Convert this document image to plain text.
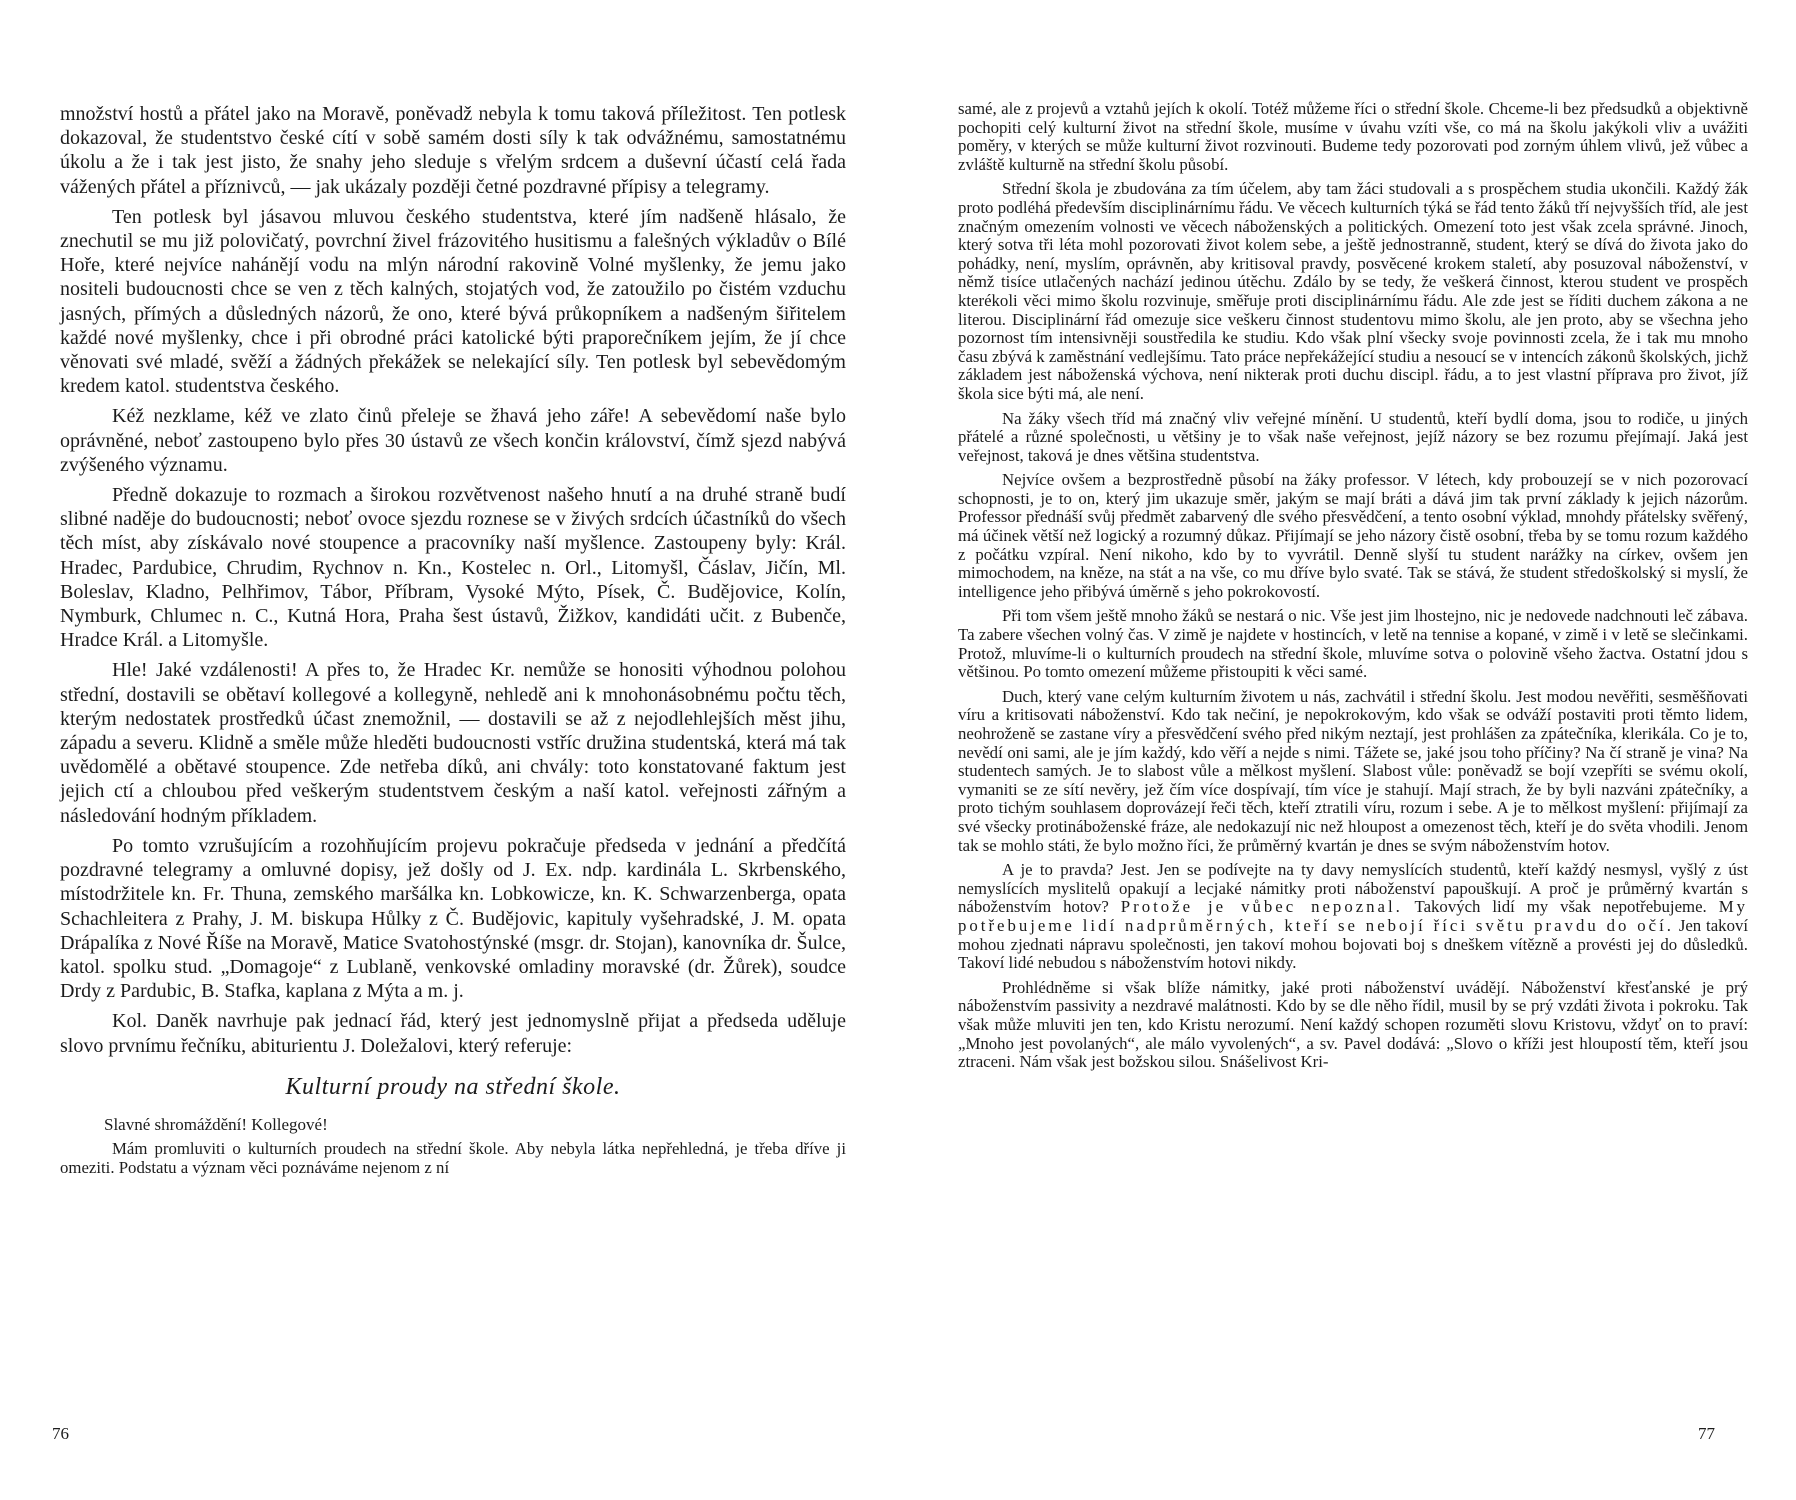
množství hostů a přátel jako na Moravě, poněvadž nebyla k tomu taková příležitost. Ten potlesk dokazoval, že studentstvo české cítí v sobě samém dosti síly k tak odvážnému, samostatnému úkolu a že i tak jest jisto, že snahy jeho sleduje s vřelým srdcem a duševní účastí celá řada vážených přátel a příznivců, — jak ukázaly později četné pozdravné přípisy a telegramy.

Ten potlesk byl jásavou mluvou českého studentstva, které jím nadšeně hlásalo, že znechutil se mu již polovičatý, povrchní živel frázovitého husitismu a falešných výkladův o Bílé Hoře, které nejvíce nahánějí vodu na mlýn národní rakovině Volné myšlenky, že jemu jako nositeli budoucnosti chce se ven z těch kalných, stojatých vod, že zatoužilo po čistém vzduchu jasných, přímých a důsledných názorů, že ono, které bývá průkopníkem a nadšeným šiřitelem každé nové myšlenky, chce i při obrodné práci katolické býti praporečníkem jejím, že jí chce věnovati své mladé, svěží a žádných překážek se nelekající síly. Ten potlesk byl sebevědomým kredem katol. studentstva českého.

Kéž nezklame, kéž ve zlato činů přeleje se žhavá jeho záře! A sebevědomí naše bylo oprávněné, neboť zastoupeno bylo přes 30 ústavů ze všech končin království, čímž sjezd nabývá zvýšeného významu.

Předně dokazuje to rozmach a širokou rozvětvenost našeho hnutí a na druhé straně budí slibné naděje do budoucnosti; neboť ovoce sjezdu roznese se v živých srdcích účastníků do všech těch míst, aby získávalo nové stoupence a pracovníky naší myšlence. Zastoupeny byly: Král. Hradec, Pardubice, Chrudim, Rychnov n. Kn., Kostelec n. Orl., Litomyšl, Čáslav, Jičín, Ml. Boleslav, Kladno, Pelhřimov, Tábor, Příbram, Vysoké Mýto, Písek, Č. Budějovice, Kolín, Nymburk, Chlumec n. C., Kutná Hora, Praha šest ústavů, Žižkov, kandidáti učit. z Bubenče, Hradce Král. a Litomyšle.

Hle! Jaké vzdálenosti! A přes to, že Hradec Kr. nemůže se honositi výhodnou polohou střední, dostavili se obětaví kollegové a kollegyně, nehledě ani k mnohonásobnému počtu těch, kterým nedostatek prostředků účast znemožnil, — dostavili se až z nejodlehlejších měst jihu, západu a severu. Klidně a směle může hleděti budoucnosti vstříc družina studentská, která má tak uvědomělé a obětavé stoupence. Zde netřeba díků, ani chvály: toto konstatované faktum jest jejich ctí a chloubou před veškerým studentstvem českým a naší katol. veřejnosti zářným a následování hodným příkladem.

Po tomto vzrušujícím a rozohňujícím projevu pokračuje předseda v jednání a předčítá pozdravné telegramy a omluvné dopisy, jež došly od J. Ex. ndp. kardinála L. Skrbenského, místodržitele kn. Fr. Thuna, zemského maršálka kn. Lobkowicze, kn. K. Schwarzenberga, opata Schachleitera z Prahy, J. M. biskupa Hůlky z Č. Budějovic, kapituly vyšehradské, J. M. opata Drápalíka z Nové Říše na Moravě, Matice Svatohostýnské (msgr. dr. Stojan), kanovníka dr. Šulce, katol. spolku stud. „Domagoje“ z Lublaně, venkovské omladiny moravské (dr. Žůrek), soudce Drdy z Pardubic, B. Stafka, kaplana z Mýta a m. j.

Kol. Daněk navrhuje pak jednací řád, který jest jednomyslně přijat a předseda uděluje slovo prvnímu řečníku, abiturientu J. Doležalovi, který referuje:

Kulturní proudy na střední škole.
Slavné shromáždění! Kollegové!

Mám promluviti o kulturních proudech na střední škole. Aby nebyla látka nepřehledná, je třeba dříve ji omeziti. Podstatu a význam věci poznáváme nejenom z ní

76

samé, ale z projevů a vztahů jejích k okolí. Totéž můžeme říci o střední škole. Chceme-li bez předsudků a objektivně pochopiti celý kulturní život na střední škole, musíme v úvahu vzíti vše, co má na školu jakýkoli vliv a uvážiti poměry, v kterých se může kulturní život rozvinouti. Budeme tedy pozorovati pod zorným úhlem vlivů, jež vůbec a zvláště kulturně na střední školu působí.

Střední škola je zbudována za tím účelem, aby tam žáci studovali a s prospěchem studia ukončili. Každý žák proto podléhá především disciplinárnímu řádu. Ve věcech kulturních týká se řád tento žáků tří nejvyšších tříd, ale jest značným omezením volnosti ve věcech náboženských a politických. Omezení toto jest však zcela správné. Jinoch, který sotva tři léta mohl pozorovati život kolem sebe, a ještě jednostranně, student, který se dívá do života jako do pohádky, není, myslím, oprávněn, aby kritisoval pravdy, posvěcené krokem staletí, aby posuzoval náboženství, v němž tisíce utlačených nachází jedinou útěchu. Zdálo by se tedy, že veškerá činnost, kterou student ve prospěch kterékoli věci mimo školu rozvinuje, směřuje proti disciplinárnímu řádu. Ale zde jest se říditi duchem zákona a ne literou. Disciplinární řád omezuje sice veškeru činnost studentovu mimo školu, ale jen proto, aby se všechna jeho pozornost tím intensivněji soustředila ke studiu. Kdo však plní všecky svoje povinnosti zcela, že i tak mu mnoho času zbývá k zaměstnání vedlejšímu. Tato práce nepřekážející studiu a nesoucí se v intencích zákonů školských, jichž základem jest náboženská výchova, není nikterak proti duchu discipl. řádu, a to jest vlastní příprava pro život, jíž škola sice býti má, ale není.

Na žáky všech tříd má značný vliv veřejné mínění. U studentů, kteří bydlí doma, jsou to rodiče, u jiných přátelé a různé společnosti, u většiny je to však naše veřejnost, jejíž názory se bez rozumu přejímají. Jaká jest veřejnost, taková je dnes většina studentstva.

Nejvíce ovšem a bezprostředně působí na žáky professor. V létech, kdy probouzejí se v nich pozorovací schopnosti, je to on, který jim ukazuje směr, jakým se mají bráti a dává jim tak první základy k jejich názorům. Professor přednáší svůj předmět zabarvený dle svého přesvědčení, a tento osobní výklad, mnohdy přátelsky svěřený, má účinek větší než logický a rozumný důkaz. Přijímají se jeho názory čistě osobní, třeba by se tomu rozum každého z počátku vzpíral. Není nikoho, kdo by to vyvrátil. Denně slyší tu student narážky na církev, ovšem jen mimochodem, na kněze, na stát a na vše, co mu dříve bylo svaté. Tak se stává, že student středoškolský si myslí, že intelligence jeho přibývá úměrně s jeho pokrokovostí.

Při tom všem ještě mnoho žáků se nestará o nic. Vše jest jim lhostejno, nic je nedovede nadchnouti leč zábava. Ta zabere všechen volný čas. V zimě je najdete v hostincích, v letě na tennise a kopané, v zimě i v letě se slečinkami. Protož, mluvíme-li o kulturních proudech na střední škole, mluvíme sotva o polovině všeho žactva. Ostatní jdou s většinou. Po tomto omezení můžeme přistoupiti k věci samé.

Duch, který vane celým kulturním životem u nás, zachvátil i střední školu. Jest modou nevěřiti, sesměšňovati víru a kritisovati náboženství. Kdo tak nečiní, je nepokrokovým, kdo však se odváží postaviti proti těmto lidem, neohroženě se zastane víry a přesvědčení svého před nikým neztají, jest prohlášen za zpátečníka, klerikála. Co je to, nevědí oni sami, ale je jím každý, kdo věří a nejde s nimi. Tážete se, jaké jsou toho příčiny? Na čí straně je vina? Na studentech samých. Je to slabost vůle a mělkost myšlení. Slabost vůle: poněvadž se bojí vzepříti se svému okolí, vymaniti se ze sítí nevěry, jež čím více dospívají, tím více je stahují. Mají strach, že by byli nazváni zpátečníky, a proto tichým souhlasem doprovázejí řeči těch, kteří ztratili víru, rozum i sebe. A je to mělkost myšlení: přijímají za své všecky protináboženské fráze, ale nedokazují nic než hloupost a omezenost těch, kteří je do světa vhodili. Jenom tak se mohlo státi, že bylo možno říci, že průměrný kvartán je dnes se svým náboženstvím hotov.

A je to pravda? Jest. Jen se podívejte na ty davy nemyslících studentů, kteří každý nesmysl, vyšlý z úst nemyslících myslitelů opakují a lecjaké námitky proti náboženství papouškují. A proč je průměrný kvartán s náboženstvím hotov? Protože je vůbec nepoznal. Takových lidí my však nepotřebujeme. My potřebujeme lidí nadprůměrných, kteří se nebojí říci světu pravdu do očí. Jen takoví mohou zjednati nápravu společnosti, jen takoví mohou bojovati boj s dneškem vítězně a provésti jej do důsledků. Takoví lidé nebudou s náboženstvím hotovi nikdy.

Prohlédněme si však blíže námitky, jaké proti náboženství uvádějí. Náboženství křesťanské je prý náboženstvím passivity a nezdravé malátnosti. Kdo by se dle něho řídil, musil by se prý vzdáti života i pokroku. Tak však může mluviti jen ten, kdo Kristu nerozumí. Není každý schopen rozuměti slovu Kristovu, vždyť on to praví: „Mnoho jest povolaných“, ale málo vyvolených“, a sv. Pavel dodává: „Slovo o kříži jest hloupostí těm, kteří jsou ztraceni. Nám však jest božskou silou. Snášelivost Kri-

77
